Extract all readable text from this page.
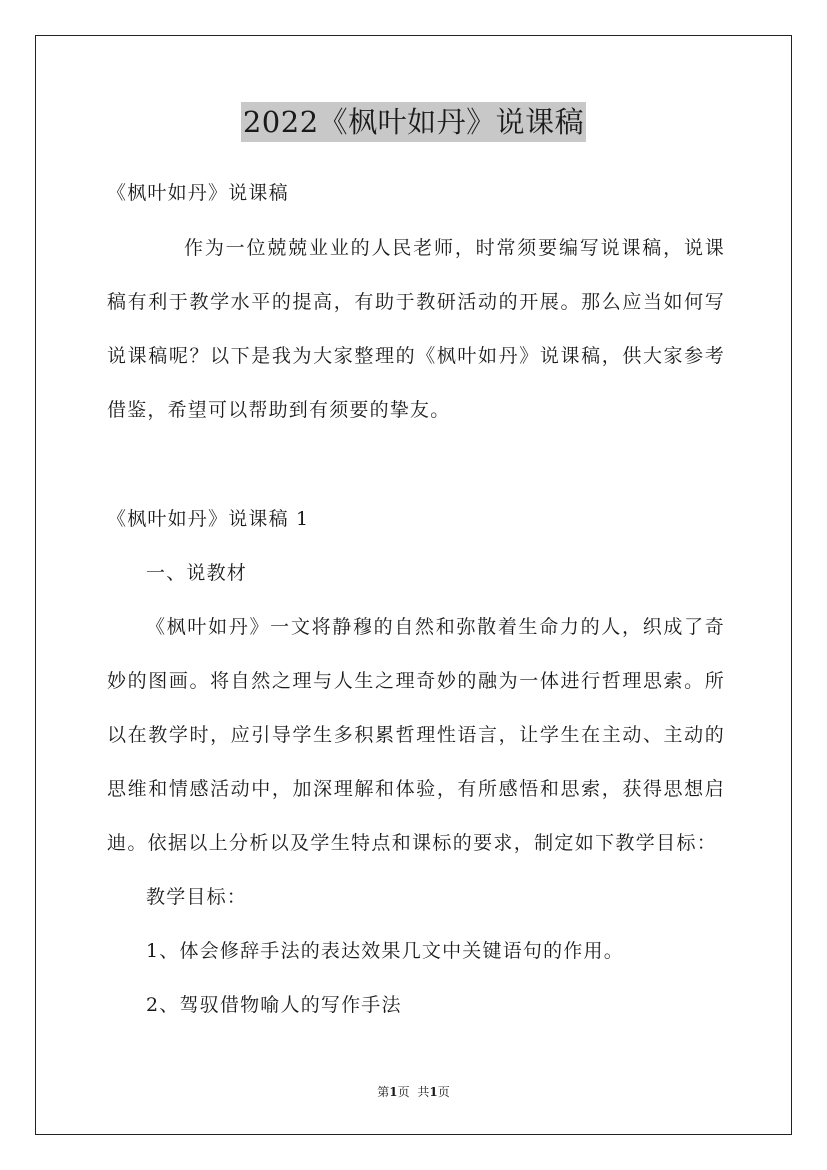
2022《枫叶如丹》说课稿
《枫叶如丹》说课稿
作为一位兢兢业业的人民老师，时常须要编写说课稿，说课
稿有利于教学水平的提高，有助于教研活动的开展。那么应当如何写
说课稿呢？以下是我为大家整理的《枫叶如丹》说课稿，供大家参考
借鉴，希望可以帮助到有须要的挚友。
《枫叶如丹》说课稿 1
一、说教材
《枫叶如丹》一文将静穆的自然和弥散着生命力的人，织成了奇
妙的图画。将自然之理与人生之理奇妙的融为一体进行哲理思索。所
以在教学时，应引导学生多积累哲理性语言，让学生在主动、主动的
思维和情感活动中，加深理解和体验，有所感悟和思索，获得思想启
迪。依据以上分析以及学生特点和课标的要求，制定如下教学目标：
教学目标：
1、体会修辞手法的表达效果几文中关键语句的作用。
2、驾驭借物喻人的写作手法
第1页 共1页
